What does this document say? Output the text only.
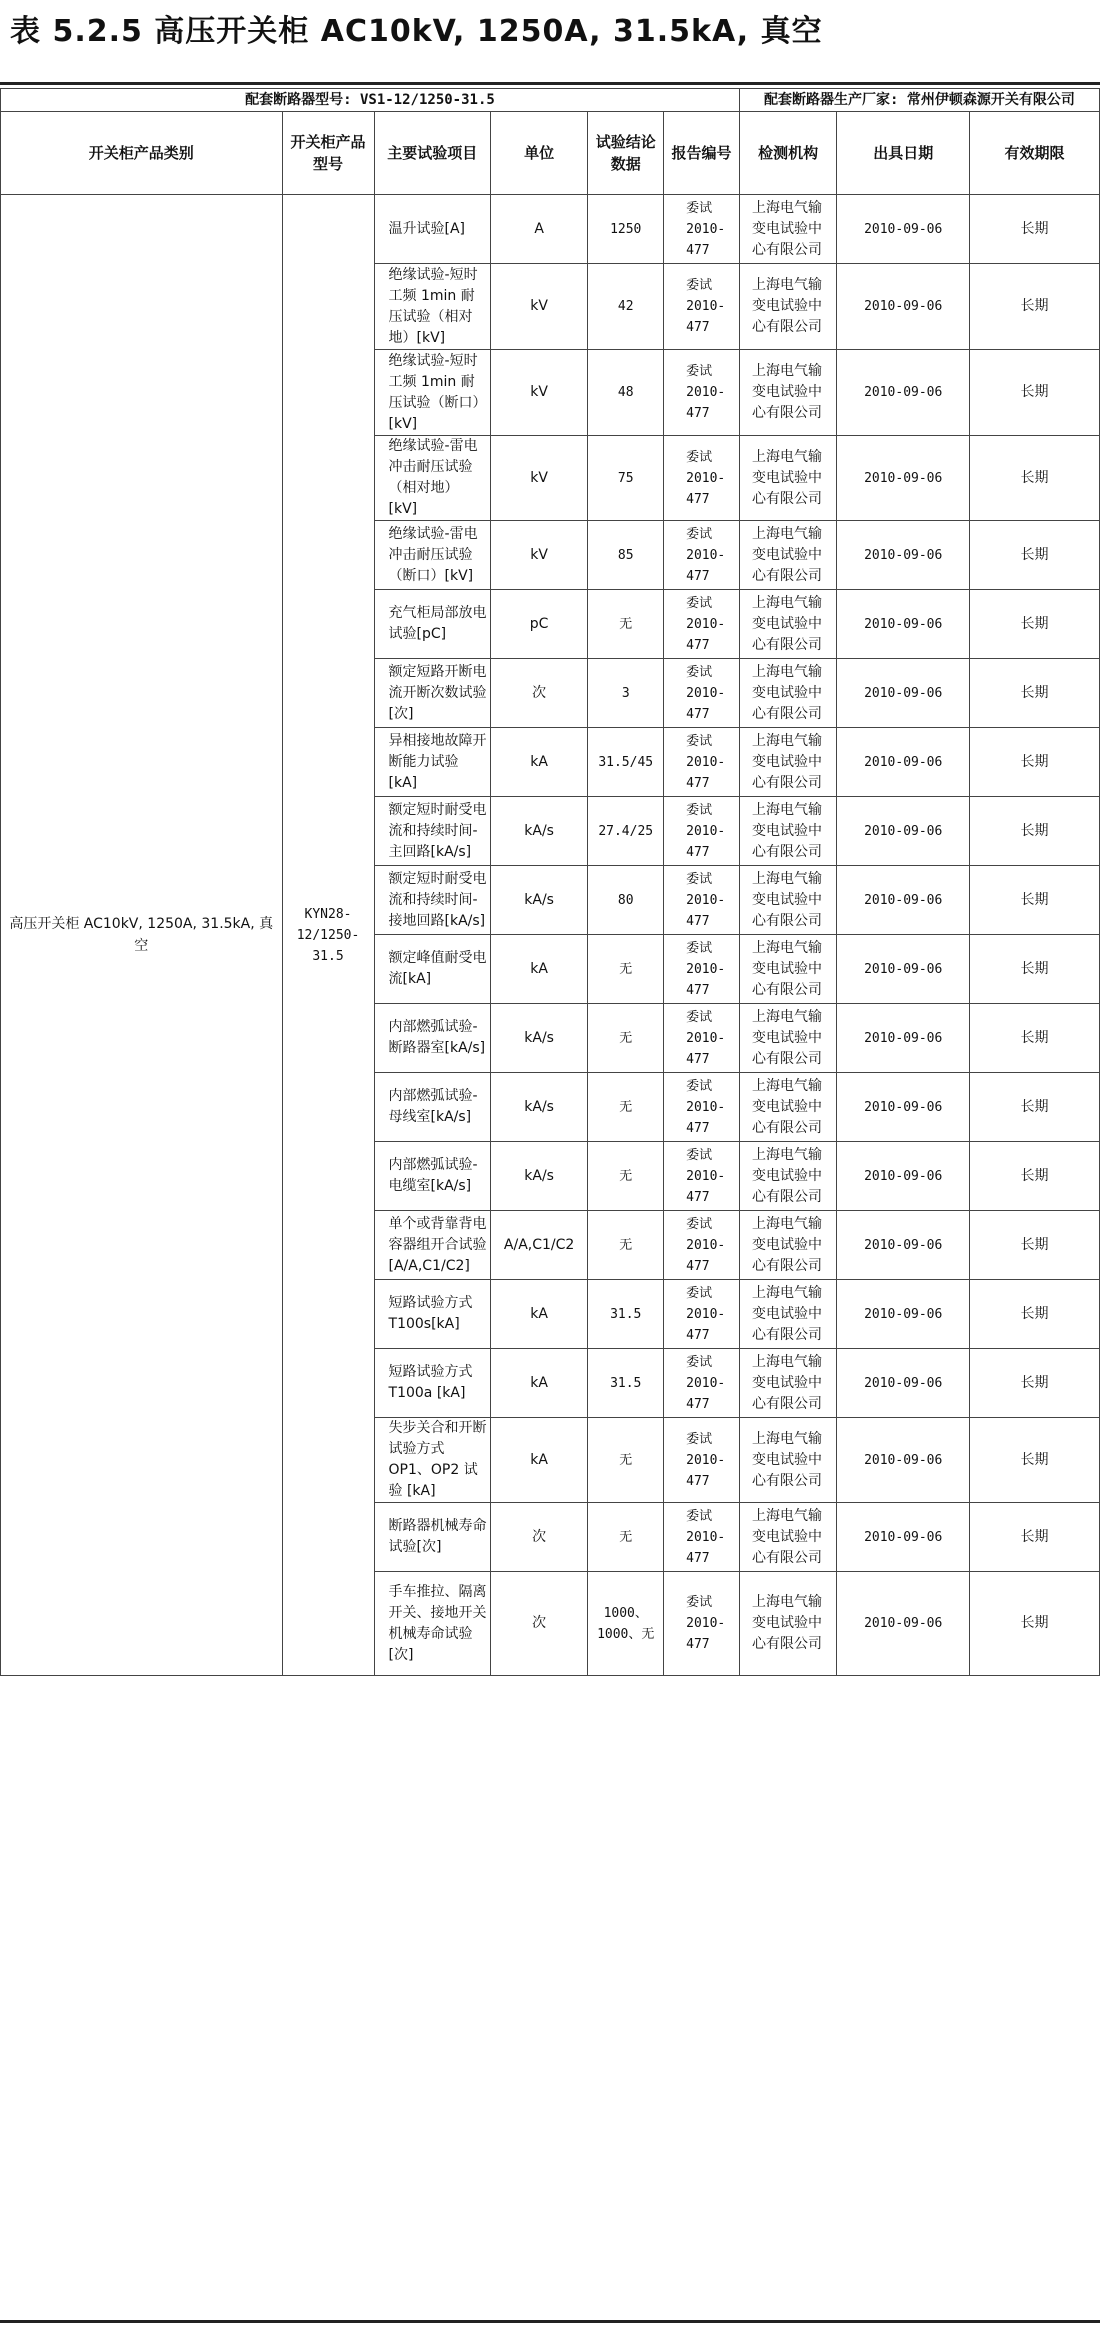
表 5.2.5 高压开关柜 AC10kV, 1250A, 31.5kA, 真空
配套断路器型号: VS1-12/1250-31.5						配套断路器生产厂家: 常州伊顿森源开关有限公司		
开关柜产品类别	开关柜产品型号	主要试验项目	单位	试验结论数据	报告编号	检测机构	出具日期	有效期限
高压开关柜 AC10kV, 1250A, 31.5kA, 真空	KYN28-12/1250-31.5	温升试验[A]	A	1250	委试2010-477	上海电气输变电试验中心有限公司	2010-09-06	长期
		绝缘试验-短时工频 1min 耐压试验（相对地）[kV]	kV	42	委试2010-477	上海电气输变电试验中心有限公司	2010-09-06	长期
		绝缘试验-短时工频 1min 耐压试验（断口）[kV]	kV	48	委试2010-477	上海电气输变电试验中心有限公司	2010-09-06	长期
		绝缘试验-雷电冲击耐压试验（相对地）[kV]	kV	75	委试2010-477	上海电气输变电试验中心有限公司	2010-09-06	长期
		绝缘试验-雷电冲击耐压试验（断口）[kV]	kV	85	委试2010-477	上海电气输变电试验中心有限公司	2010-09-06	长期
		充气柜局部放电试验[pC]	pC	无	委试2010-477	上海电气输变电试验中心有限公司	2010-09-06	长期
		额定短路开断电流开断次数试验[次]	次	3	委试2010-477	上海电气输变电试验中心有限公司	2010-09-06	长期
		异相接地故障开断能力试验[kA]	kA	31.5/45	委试2010-477	上海电气输变电试验中心有限公司	2010-09-06	长期
		额定短时耐受电流和持续时间-主回路[kA/s]	kA/s	27.4/25	委试2010-477	上海电气输变电试验中心有限公司	2010-09-06	长期
		额定短时耐受电流和持续时间-接地回路[kA/s]	kA/s	80	委试2010-477	上海电气输变电试验中心有限公司	2010-09-06	长期
		额定峰值耐受电流[kA]	kA	无	委试2010-477	上海电气输变电试验中心有限公司	2010-09-06	长期
		内部燃弧试验-断路器室[kA/s]	kA/s	无	委试2010-477	上海电气输变电试验中心有限公司	2010-09-06	长期
		内部燃弧试验-母线室[kA/s]	kA/s	无	委试2010-477	上海电气输变电试验中心有限公司	2010-09-06	长期
		内部燃弧试验-电缆室[kA/s]	kA/s	无	委试2010-477	上海电气输变电试验中心有限公司	2010-09-06	长期
		单个或背靠背电容器组开合试验[A/A,C1/C2]	A/A,C1/C2	无	委试2010-477	上海电气输变电试验中心有限公司	2010-09-06	长期
		短路试验方式 T100s[kA]	kA	31.5	委试2010-477	上海电气输变电试验中心有限公司	2010-09-06	长期
		短路试验方式 T100a [kA]	kA	31.5	委试2010-477	上海电气输变电试验中心有限公司	2010-09-06	长期
		失步关合和开断试验方式 OP1、OP2 试验 [kA]	kA	无	委试2010-477	上海电气输变电试验中心有限公司	2010-09-06	长期
		断路器机械寿命试验[次]	次	无	委试2010-477	上海电气输变电试验中心有限公司	2010-09-06	长期
		手车推拉、隔离开关、接地开关机械寿命试验[次]	次	1000、1000、无	委试2010-477	上海电气输变电试验中心有限公司	2010-09-06	长期
